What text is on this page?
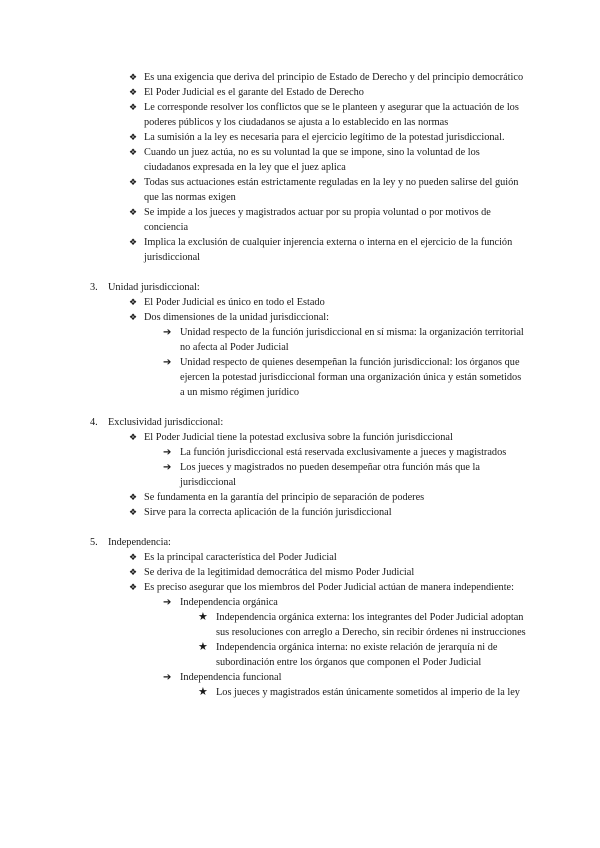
❖ Es una exigencia que deriva del principio de Estado de Derecho y del principio democrático
❖ El Poder Judicial es el garante del Estado de Derecho
❖ Le corresponde resolver los conflictos que se le planteen y asegurar que la actuación de los poderes públicos y los ciudadanos se ajusta a lo establecido en las normas
❖ La sumisión a la ley es necesaria para el ejercicio legítimo de la potestad jurisdiccional.
❖ Cuando un juez actúa, no es su voluntad la que se impone, sino la voluntad de los ciudadanos expresada en la ley que el juez aplica
❖ Todas sus actuaciones están estrictamente reguladas en la ley y no pueden salirse del guión que las normas exigen
❖ Se impide a los jueces y magistrados actuar por su propia voluntad o por motivos de conciencia
❖ Implica la exclusión de cualquier injerencia externa o interna en el ejercicio de la función jurisdiccional
3. Unidad jurisdiccional:
❖ El Poder Judicial es único en todo el Estado
❖ Dos dimensiones de la unidad jurisdiccional:
➔ Unidad respecto de la función jurisdiccional en sí misma: la organización territorial no afecta al Poder Judicial
➔ Unidad respecto de quienes desempeñan la función jurisdiccional: los órganos que ejercen la potestad jurisdiccional forman una organización única y están sometidos a un mismo régimen jurídico
4. Exclusividad jurisdiccional:
❖ El Poder Judicial tiene la potestad exclusiva sobre la función jurisdiccional
➔ La función jurisdiccional está reservada exclusivamente a jueces y magistrados
➔ Los jueces y magistrados no pueden desempeñar otra función más que la jurisdiccional
❖ Se fundamenta en la garantía del principio de separación de poderes
❖ Sirve para la correcta aplicación de la función jurisdiccional
5. Independencia:
❖ Es la principal característica del Poder Judicial
❖ Se deriva de la legitimidad democrática del mismo Poder Judicial
❖ Es preciso asegurar que los miembros del Poder Judicial actúan de manera independiente:
➔ Independencia orgánica
★ Independencia orgánica externa: los integrantes del Poder Judicial adoptan sus resoluciones con arreglo a Derecho, sin recibir órdenes ni instrucciones
★ Independencia orgánica interna: no existe relación de jerarquía ni de subordinación entre los órganos que componen el Poder Judicial
➔ Independencia funcional
★ Los jueces y magistrados están únicamente sometidos al imperio de la ley
